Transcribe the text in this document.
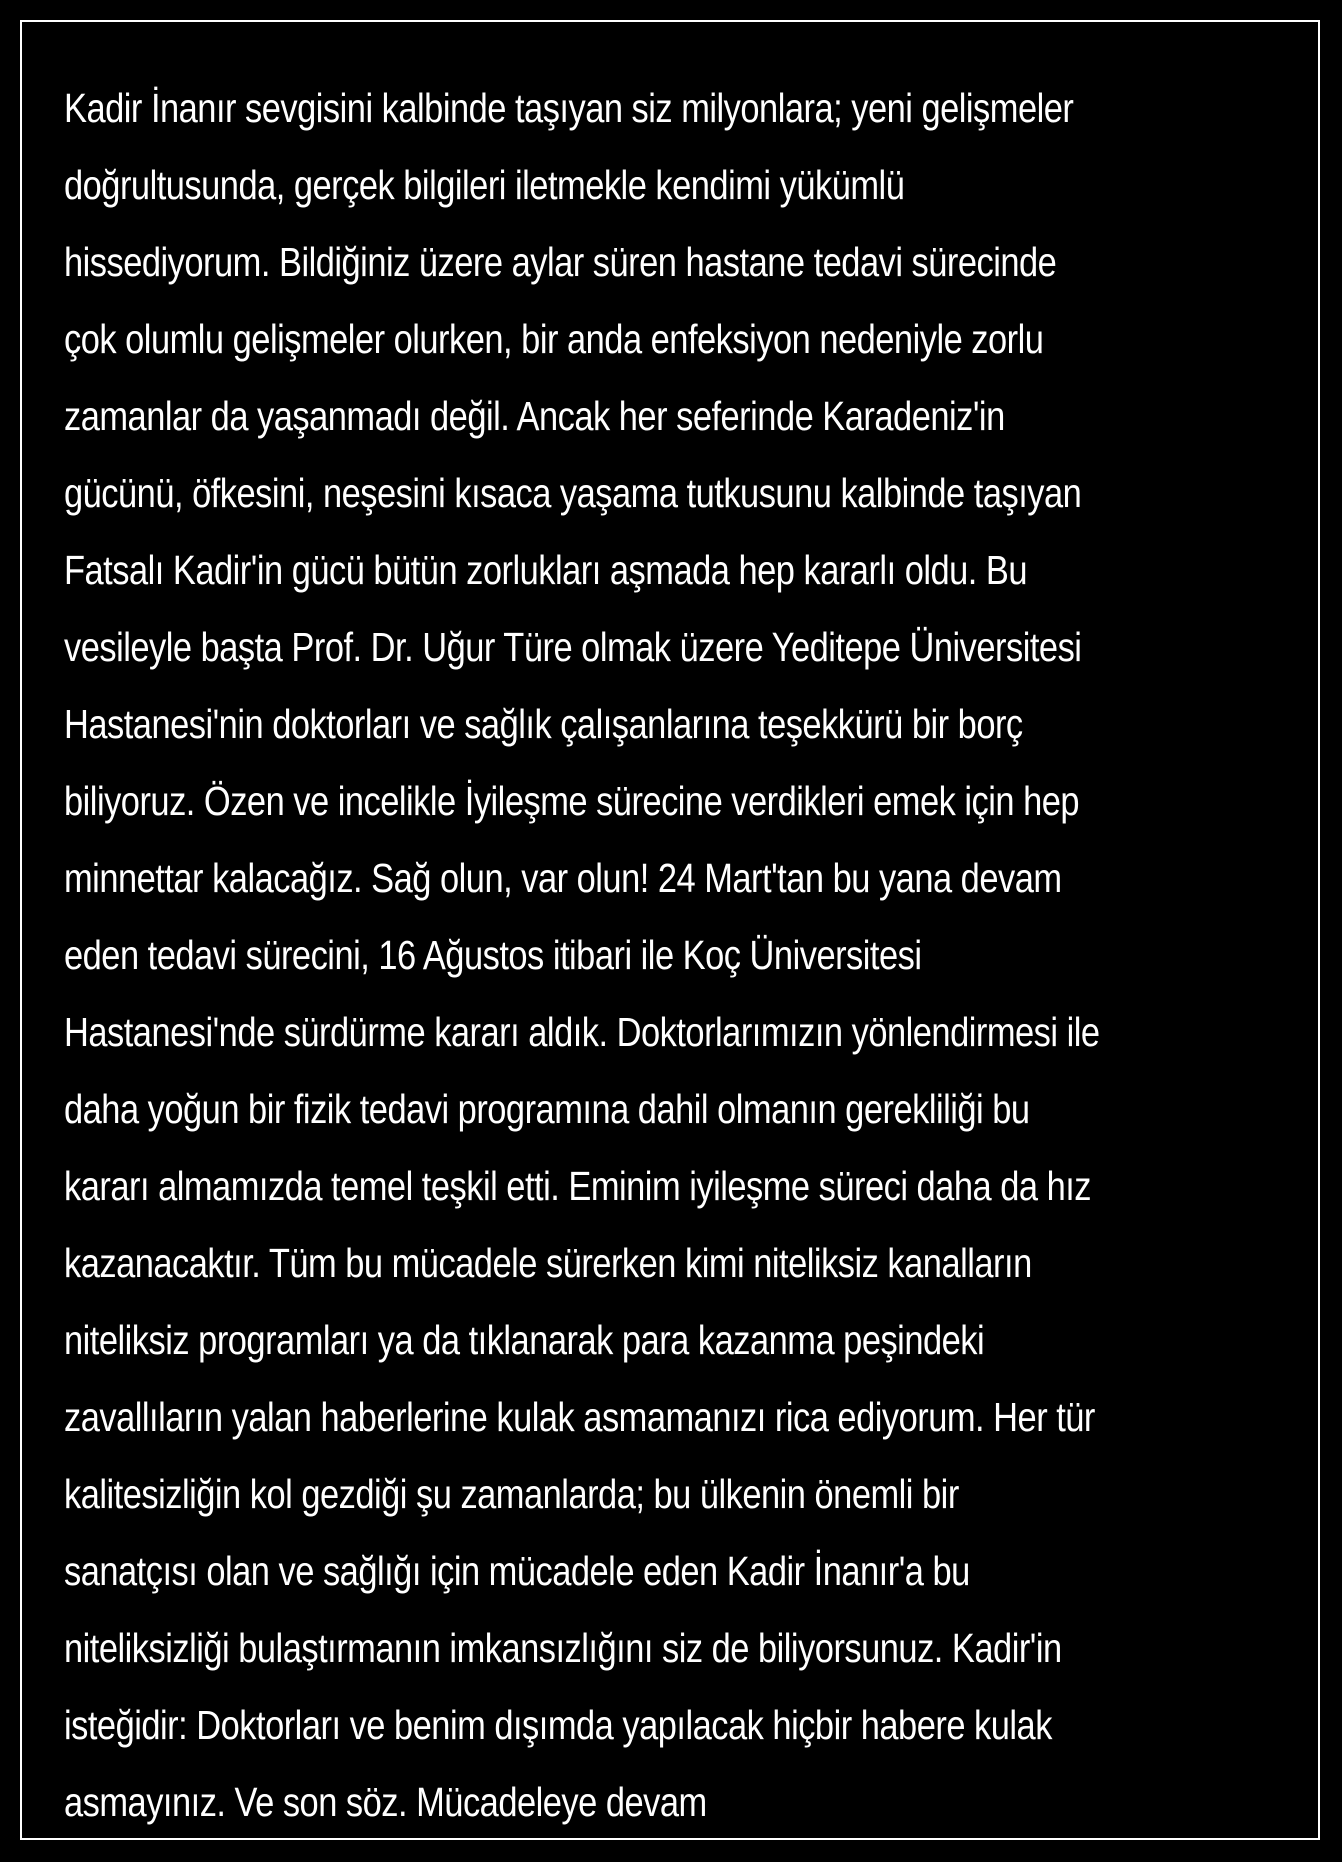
Kadir İnanır sevgisini kalbinde taşıyan siz milyonlara; yeni gelişmeler
doğrultusunda, gerçek bilgileri iletmekle kendimi yükümlü
hissediyorum. Bildiğiniz üzere aylar süren hastane tedavi sürecinde
çok olumlu gelişmeler olurken, bir anda enfeksiyon nedeniyle zorlu
zamanlar da yaşanmadı değil. Ancak her seferinde Karadeniz'in
gücünü, öfkesini, neşesini kısaca yaşama tutkusunu kalbinde taşıyan
Fatsalı Kadir'in gücü bütün zorlukları aşmada hep kararlı oldu. Bu
vesileyle başta Prof. Dr. Uğur Türe olmak üzere Yeditepe Üniversitesi
Hastanesi'nin doktorları ve sağlık çalışanlarına teşekkürü bir borç
biliyoruz. Özen ve incelikle İyileşme sürecine verdikleri emek için hep
minnettar kalacağız. Sağ olun, var olun! 24 Mart'tan bu yana devam
eden tedavi sürecini, 16 Ağustos itibari ile Koç Üniversitesi
Hastanesi'nde sürdürme kararı aldık. Doktorlarımızın yönlendirmesi ile
daha yoğun bir fizik tedavi programına dahil olmanın gerekliliği bu
kararı almamızda temel teşkil etti. Eminim iyileşme süreci daha da hız
kazanacaktır. Tüm bu mücadele sürerken kimi niteliksiz kanalların
niteliksiz programları ya da tıklanarak para kazanma peşindeki
zavallıların yalan haberlerine kulak asmamanızı rica ediyorum. Her tür
kalitesizliğin kol gezdiği şu zamanlarda; bu ülkenin önemli bir
sanatçısı olan ve sağlığı için mücadele eden Kadir İnanır'a bu
niteliksizliği bulaştırmanın imkansızlığını siz de biliyorsunuz. Kadir'in
isteğidir: Doktorları ve benim dışımda yapılacak hiçbir habere kulak
asmayınız. Ve son söz. Mücadeleye devam
